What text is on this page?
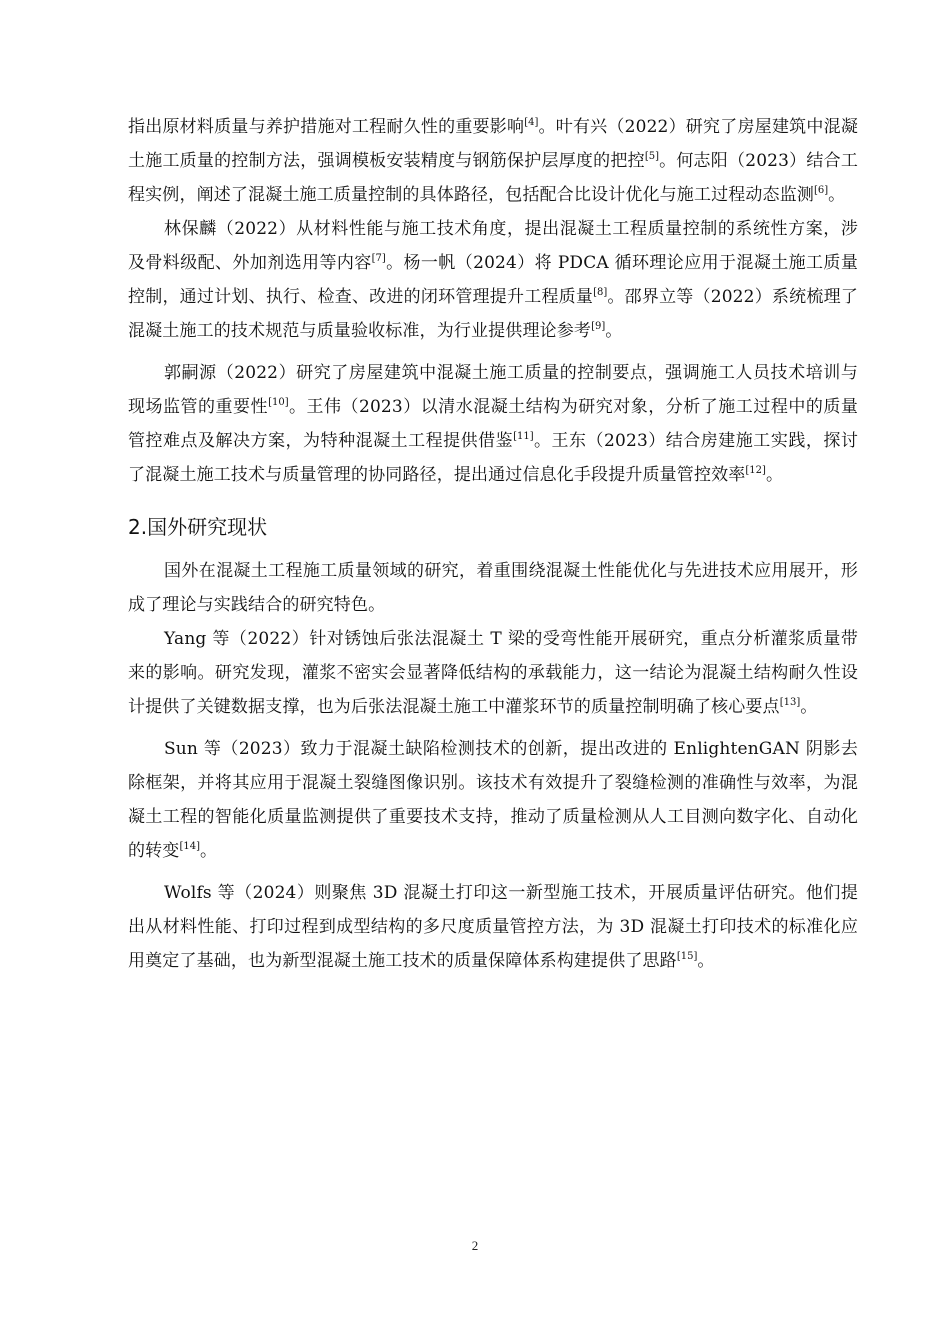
指出原材料质量与养护措施对工程耐久性的重要影响[4]。叶有兴（2022）研究了房屋建筑中混凝土施工质量的控制方法，强调模板安装精度与钢筋保护层厚度的把控[5]。何志阳（2023）结合工程实例，阐述了混凝土施工质量控制的具体路径，包括配合比设计优化与施工过程动态监测[6]。

林保麟（2022）从材料性能与施工技术角度，提出混凝土工程质量控制的系统性方案，涉及骨料级配、外加剂选用等内容[7]。杨一帆（2024）将 PDCA 循环理论应用于混凝土施工质量控制，通过计划、执行、检查、改进的闭环管理提升工程质量[8]。邵界立等（2022）系统梳理了混凝土施工的技术规范与质量验收标准，为行业提供理论参考[9]。

郭嗣源（2022）研究了房屋建筑中混凝土施工质量的控制要点，强调施工人员技术培训与现场监管的重要性[10]。王伟（2023）以清水混凝土结构为研究对象，分析了施工过程中的质量管控难点及解决方案，为特种混凝土工程提供借鉴[11]。王东（2023）结合房建施工实践，探讨了混凝土施工技术与质量管理的协同路径，提出通过信息化手段提升质量管控效率[12]。

2.国外研究现状

国外在混凝土工程施工质量领域的研究，着重围绕混凝土性能优化与先进技术应用展开，形成了理论与实践结合的研究特色。

Yang 等（2022）针对锈蚀后张法混凝土 T 梁的受弯性能开展研究，重点分析灌浆质量带来的影响。研究发现，灌浆不密实会显著降低结构的承载能力，这一结论为混凝土结构耐久性设计提供了关键数据支撑，也为后张法混凝土施工中灌浆环节的质量控制明确了核心要点[13]。

Sun 等（2023）致力于混凝土缺陷检测技术的创新，提出改进的 EnlightenGAN 阴影去除框架，并将其应用于混凝土裂缝图像识别。该技术有效提升了裂缝检测的准确性与效率，为混凝土工程的智能化质量监测提供了重要技术支持，推动了质量检测从人工目测向数字化、自动化的转变[14]。

Wolfs 等（2024）则聚焦 3D 混凝土打印这一新型施工技术，开展质量评估研究。他们提出从材料性能、打印过程到成型结构的多尺度质量管控方法，为 3D 混凝土打印技术的标准化应用奠定了基础，也为新型混凝土施工技术的质量保障体系构建提供了思路[15]。

2
